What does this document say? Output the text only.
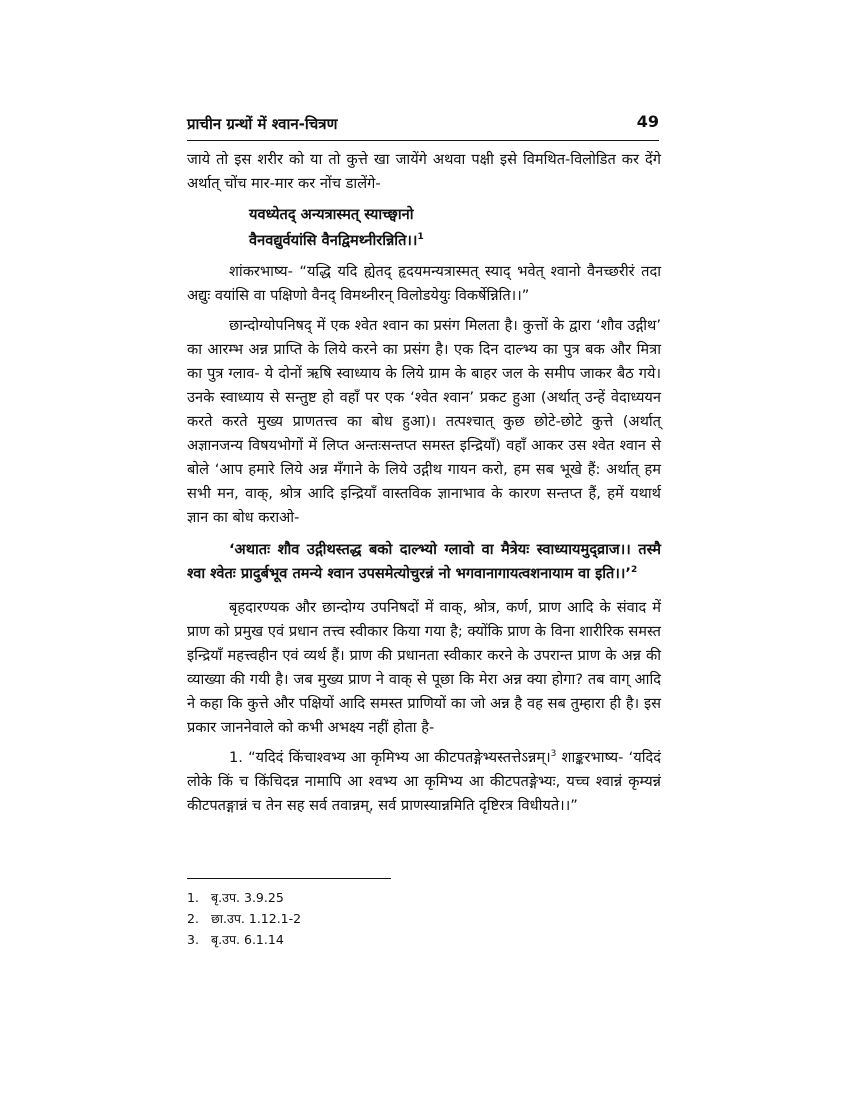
प्राचीन ग्रन्थों में श्वान-चित्रण	49

जाये तो इस शरीर को या तो कुत्ते खा जायेंगे अथवा पक्षी इसे विमथित-विलोडित कर देंगे अर्थात् चोंच मार-मार कर नोंच डालेंगे-

यवध्येतद् अन्यत्रास्मत् स्याच्छ्वानो
वैनवद्युर्वयांसि वैनद्विमथ्नीरन्निति।।$^1$

शांकरभाष्य- “यद्धि यदि ह्येतद् हृदयमन्यत्रास्मत् स्याद् भवेत् श्वानो वैनच्छरीरं तदा अद्युः वयांसि वा पक्षिणो वैनद् विमथ्नीरन् विलोडयेयुः विकर्षेन्निति।।”

छान्दोग्योपनिषद् में एक श्वेत श्वान का प्रसंग मिलता है। कुत्तों के द्वारा ‘शौव उद्गीथ’ का आरम्भ अन्न प्राप्ति के लिये करने का प्रसंग है। एक दिन दाल्भ्य का पुत्र बक और मित्रा का पुत्र ग्लाव- ये दोनों ऋषि स्वाध्याय के लिये ग्राम के बाहर जल के समीप जाकर बैठ गये। उनके स्वाध्याय से सन्तुष्ट हो वहाँ पर एक ‘श्वेत श्वान’ प्रकट हुआ (अर्थात् उन्हें वेदाध्ययन करते करते मुख्य प्राणतत्त्व का बोध हुआ)। तत्पश्चात् कुछ छोटे-छोटे कुत्ते (अर्थात् अज्ञानजन्य विषयभोगों में लिप्त अन्तःसन्तप्त समस्त इन्द्रियाँ) वहाँ आकर उस श्वेत श्वान से बोले ‘आप हमारे लिये अन्न मँगाने के लिये उद्गीथ गायन करो, हम सब भूखे हैं: अर्थात् हम सभी मन, वाक्, श्रोत्र आदि इन्द्रियाँ वास्तविक ज्ञानाभाव के कारण सन्तप्त हैं, हमें यथार्थ ज्ञान का बोध कराओ-

‘अथातः शौव उद्गीथस्तद्ध बको दाल्भ्यो ग्लावो वा मैत्रेयः स्वाध्यायमुद्व्राज।। तस्मै श्वा श्वेतः प्रादुर्बभूव तमन्ये श्वान उपसमेत्योचुरन्नं नो भगवानागायत्वशनायाम वा इति।।’$^2$

बृहदारण्यक और छान्दोग्य उपनिषदों में वाक्, श्रोत्र, कर्ण, प्राण आदि के संवाद में प्राण को प्रमुख एवं प्रधान तत्त्व स्वीकार किया गया है; क्योंकि प्राण के विना शारीरिक समस्त इन्द्रियाँ महत्त्वहीन एवं व्यर्थ हैं। प्राण की प्रधानता स्वीकार करने के उपरान्त प्राण के अन्न की व्याख्या की गयी है। जब मुख्य प्राण ने वाक् से पूछा कि मेरा अन्न क्या होगा? तब वाग् आदि ने कहा कि कुत्ते और पक्षियों आदि समस्त प्राणियों का जो अन्न है वह सब तुम्हारा ही है। इस प्रकार जाननेवाले को कभी अभक्ष्य नहीं होता है-

1. “यदिदं किंचाश्वभ्य आ कृमिभ्य आ कीटपतङ्गेभ्यस्तत्तेऽन्नम्।$^3$ शाङ्करभाष्य- ‘यदिदं लोके किं च किंचिदन्न नामापि आ श्वभ्य आ कृमिभ्य आ कीटपतङ्गेभ्यः, यच्च श्वान्नं कृम्यन्नं कीटपतङ्गान्नं च तेन सह सर्व तवान्नम्, सर्व प्राणस्यान्नमिति दृष्टिरत्र विधीयते।।”

1. बृ.उप. 3.9.25
2. छा.उप. 1.12.1-2
3. बृ.उप. 6.1.14
